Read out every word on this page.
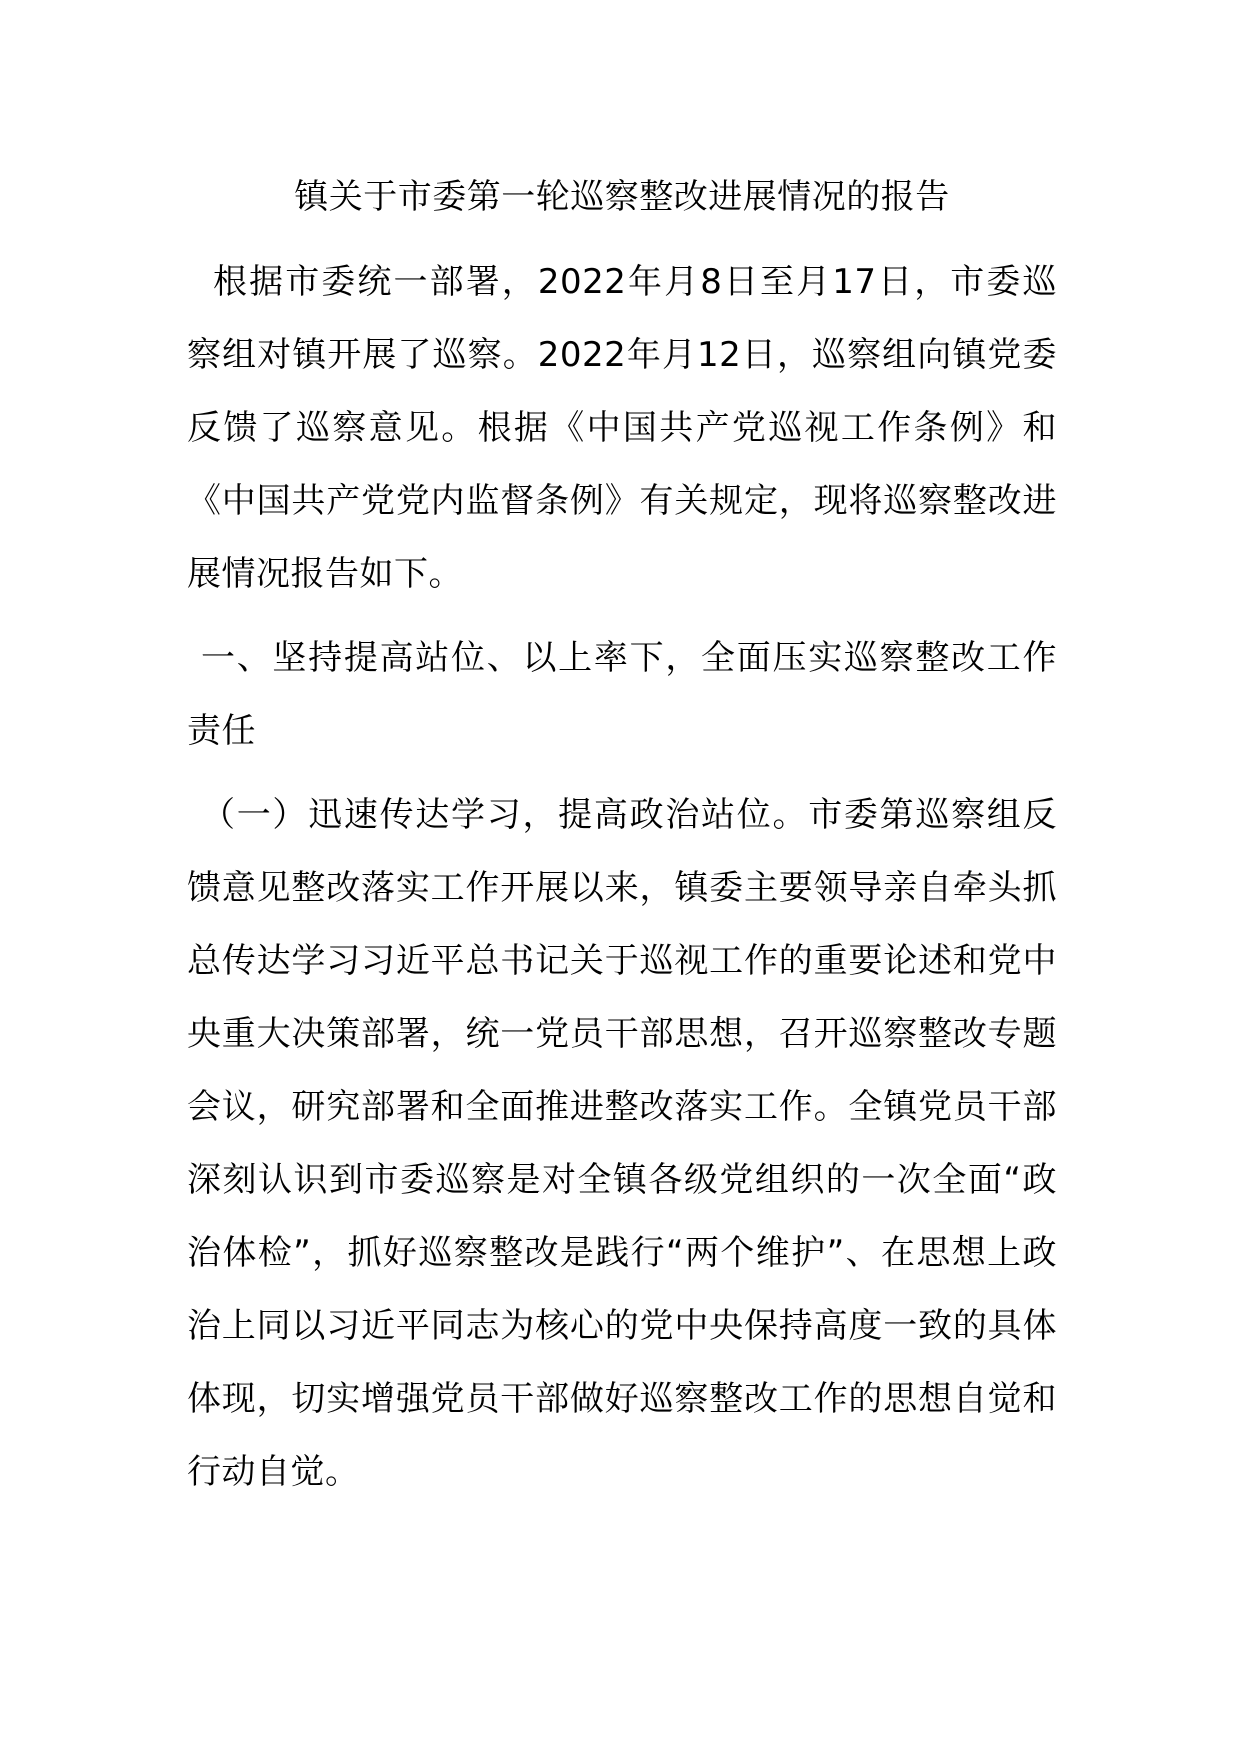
镇关于市委第一轮巡察整改进展情况的报告

根据市委统一部署，2022年月8日至月17日，市委巡察组对镇开展了巡察。2022年月12日，巡察组向镇党委反馈了巡察意见。根据《中国共产党巡视工作条例》和《中国共产党党内监督条例》有关规定，现将巡察整改进展情况报告如下。

一、坚持提高站位、以上率下，全面压实巡察整改工作责任

（一）迅速传达学习，提高政治站位。市委第巡察组反馈意见整改落实工作开展以来，镇委主要领导亲自牵头抓总传达学习习近平总书记关于巡视工作的重要论述和党中央重大决策部署，统一党员干部思想，召开巡察整改专题会议，研究部署和全面推进整改落实工作。全镇党员干部深刻认识到市委巡察是对全镇各级党组织的一次全面“政治体检”，抓好巡察整改是践行“两个维护”、在思想上政治上同以习近平同志为核心的党中央保持高度一致的具体体现，切实增强党员干部做好巡察整改工作的思想自觉和行动自觉。
